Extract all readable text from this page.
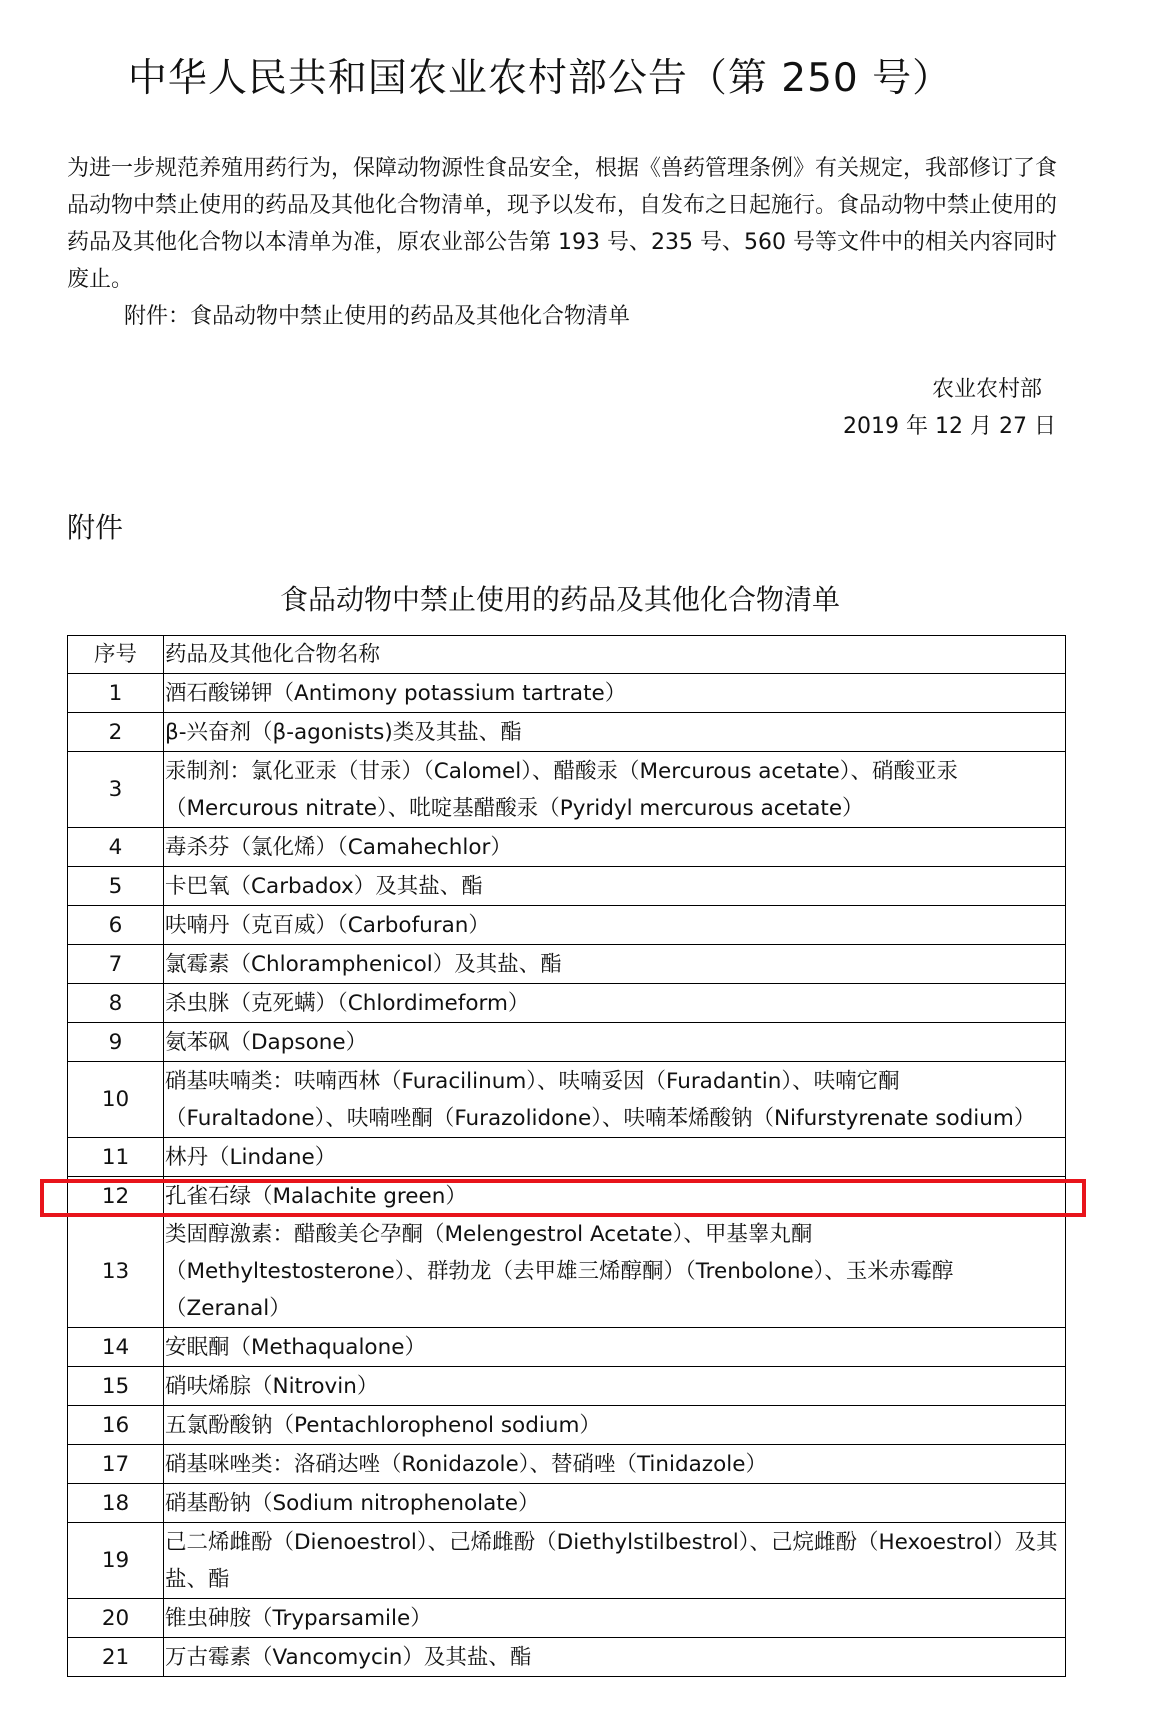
中华人民共和国农业农村部公告（第 250 号）

为进一步规范养殖用药行为，保障动物源性食品安全，根据《兽药管理条例》有关规定，我部修订了食品动物中禁止使用的药品及其他化合物清单，现予以发布，自发布之日起施行。食品动物中禁止使用的药品及其他化合物以本清单为准，原农业部公告第 193 号、235 号、560 号等文件中的相关内容同时废止。

附件：食品动物中禁止使用的药品及其他化合物清单

农业农村部
2019 年 12 月 27 日
附件
食品动物中禁止使用的药品及其他化合物清单
序号	药品及其他化合物名称
1	酒石酸锑钾（Antimony potassium tartrate）
2	β-兴奋剂（β-agonists)类及其盐、酯
3	汞制剂：氯化亚汞（甘汞）（Calomel）、醋酸汞（Mercurous acetate）、硝酸亚汞（Mercurous nitrate）、吡啶基醋酸汞（Pyridyl mercurous acetate）
4	毒杀芬（氯化烯）（Camahechlor）
5	卡巴氧（Carbadox）及其盐、酯
6	呋喃丹（克百威）（Carbofuran）
7	氯霉素（Chloramphenicol）及其盐、酯
8	杀虫脒（克死螨）（Chlordimeform）
9	氨苯砜（Dapsone）
10	硝基呋喃类：呋喃西林（Furacilinum）、呋喃妥因（Furadantin）、呋喃它酮（Furaltadone）、呋喃唑酮（Furazolidone）、呋喃苯烯酸钠（Nifurstyrenate sodium）
11	林丹（Lindane）
12	孔雀石绿（Malachite green）
13	类固醇激素：醋酸美仑孕酮（Melengestrol Acetate）、甲基睾丸酮（Methyltestosterone）、群勃龙（去甲雄三烯醇酮）（Trenbolone）、玉米赤霉醇（Zeranal）
14	安眠酮（Methaqualone）
15	硝呋烯腙（Nitrovin）
16	五氯酚酸钠（Pentachlorophenol sodium）
17	硝基咪唑类：洛硝达唑（Ronidazole）、替硝唑（Tinidazole）
18	硝基酚钠（Sodium nitrophenolate）
19	己二烯雌酚（Dienoestrol）、己烯雌酚（Diethylstilbestrol）、己烷雌酚（Hexoestrol）及其盐、酯
20	锥虫砷胺（Tryparsamile）
21	万古霉素（Vancomycin）及其盐、酯
